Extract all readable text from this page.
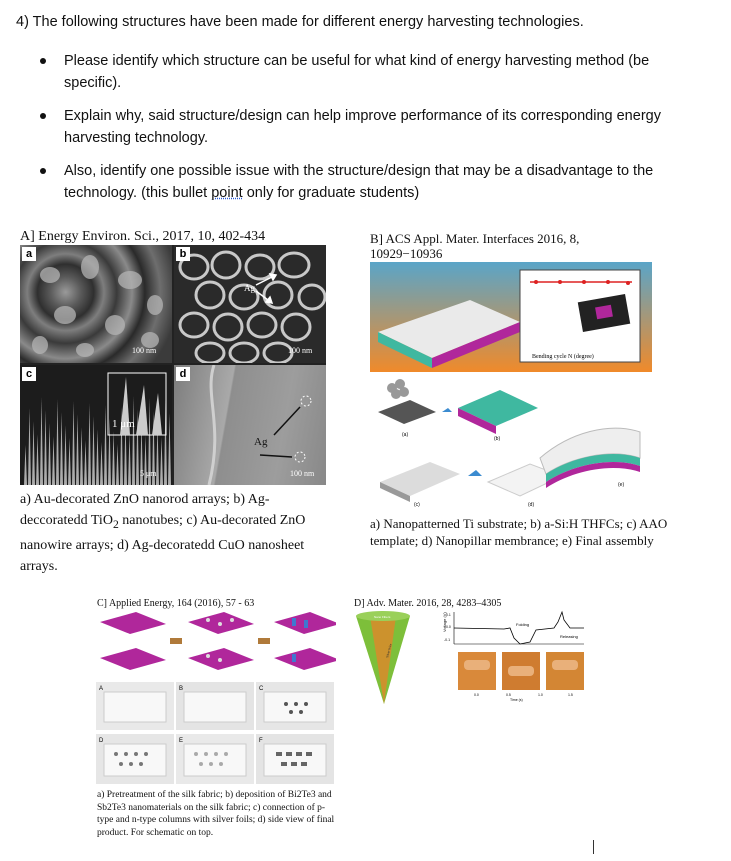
4) The following structures have been made for different energy harvesting technologies.
Please identify which structure can be useful for what kind of energy harvesting method (be specific).
Explain why, said structure/design can help improve performance of its corresponding energy harvesting technology.
Also, identify one possible issue with the structure/design that may be a disadvantage to the technology. (this bullet point only for graduate students)
A] Energy Environ. Sci., 2017, 10, 402-434
a
100 nm
Ag
b
100 nm
1 μm
c
5 μm
Ag
d
100 nm
a) Au-decorated ZnO nanorod arrays; b) Ag-deccoratedd TiO$_2$ nanotubes; c) Au-decorated ZnO nanowire arrays; d) Ag-decoratedd CuO nanosheet arrays.
B] ACS Appl. Mater. Interfaces 2016, 8, 10929−10936
Bending cycle N (degree)
(a)
(b)
(c)	(d)
(e)
a) Nanopatterned Ti substrate; b) a-Si:H THFCs; c) AAO template; d) Nanopillar membrance; e) Final assembly
C] Applied Energy, 164 (2016), 57 - 63
A	B	C
D	E	F
a) Pretreatment of the silk fabric; b) deposition of Bi2Te3 and Sb2Te3 nanomaterials on the silk fabric; c) connection of p-type and n-type columns with silver foils; d) side view of final product. For schematic on top.
D] Adv. Mater. 2016, 28, 4283–4305
Nano Fibers
Silver Wire
Voltage (V) 0.1
0.0
-0.1
Folding
Releasing
0.0	0.5	1.0	1.5
Time (s)
